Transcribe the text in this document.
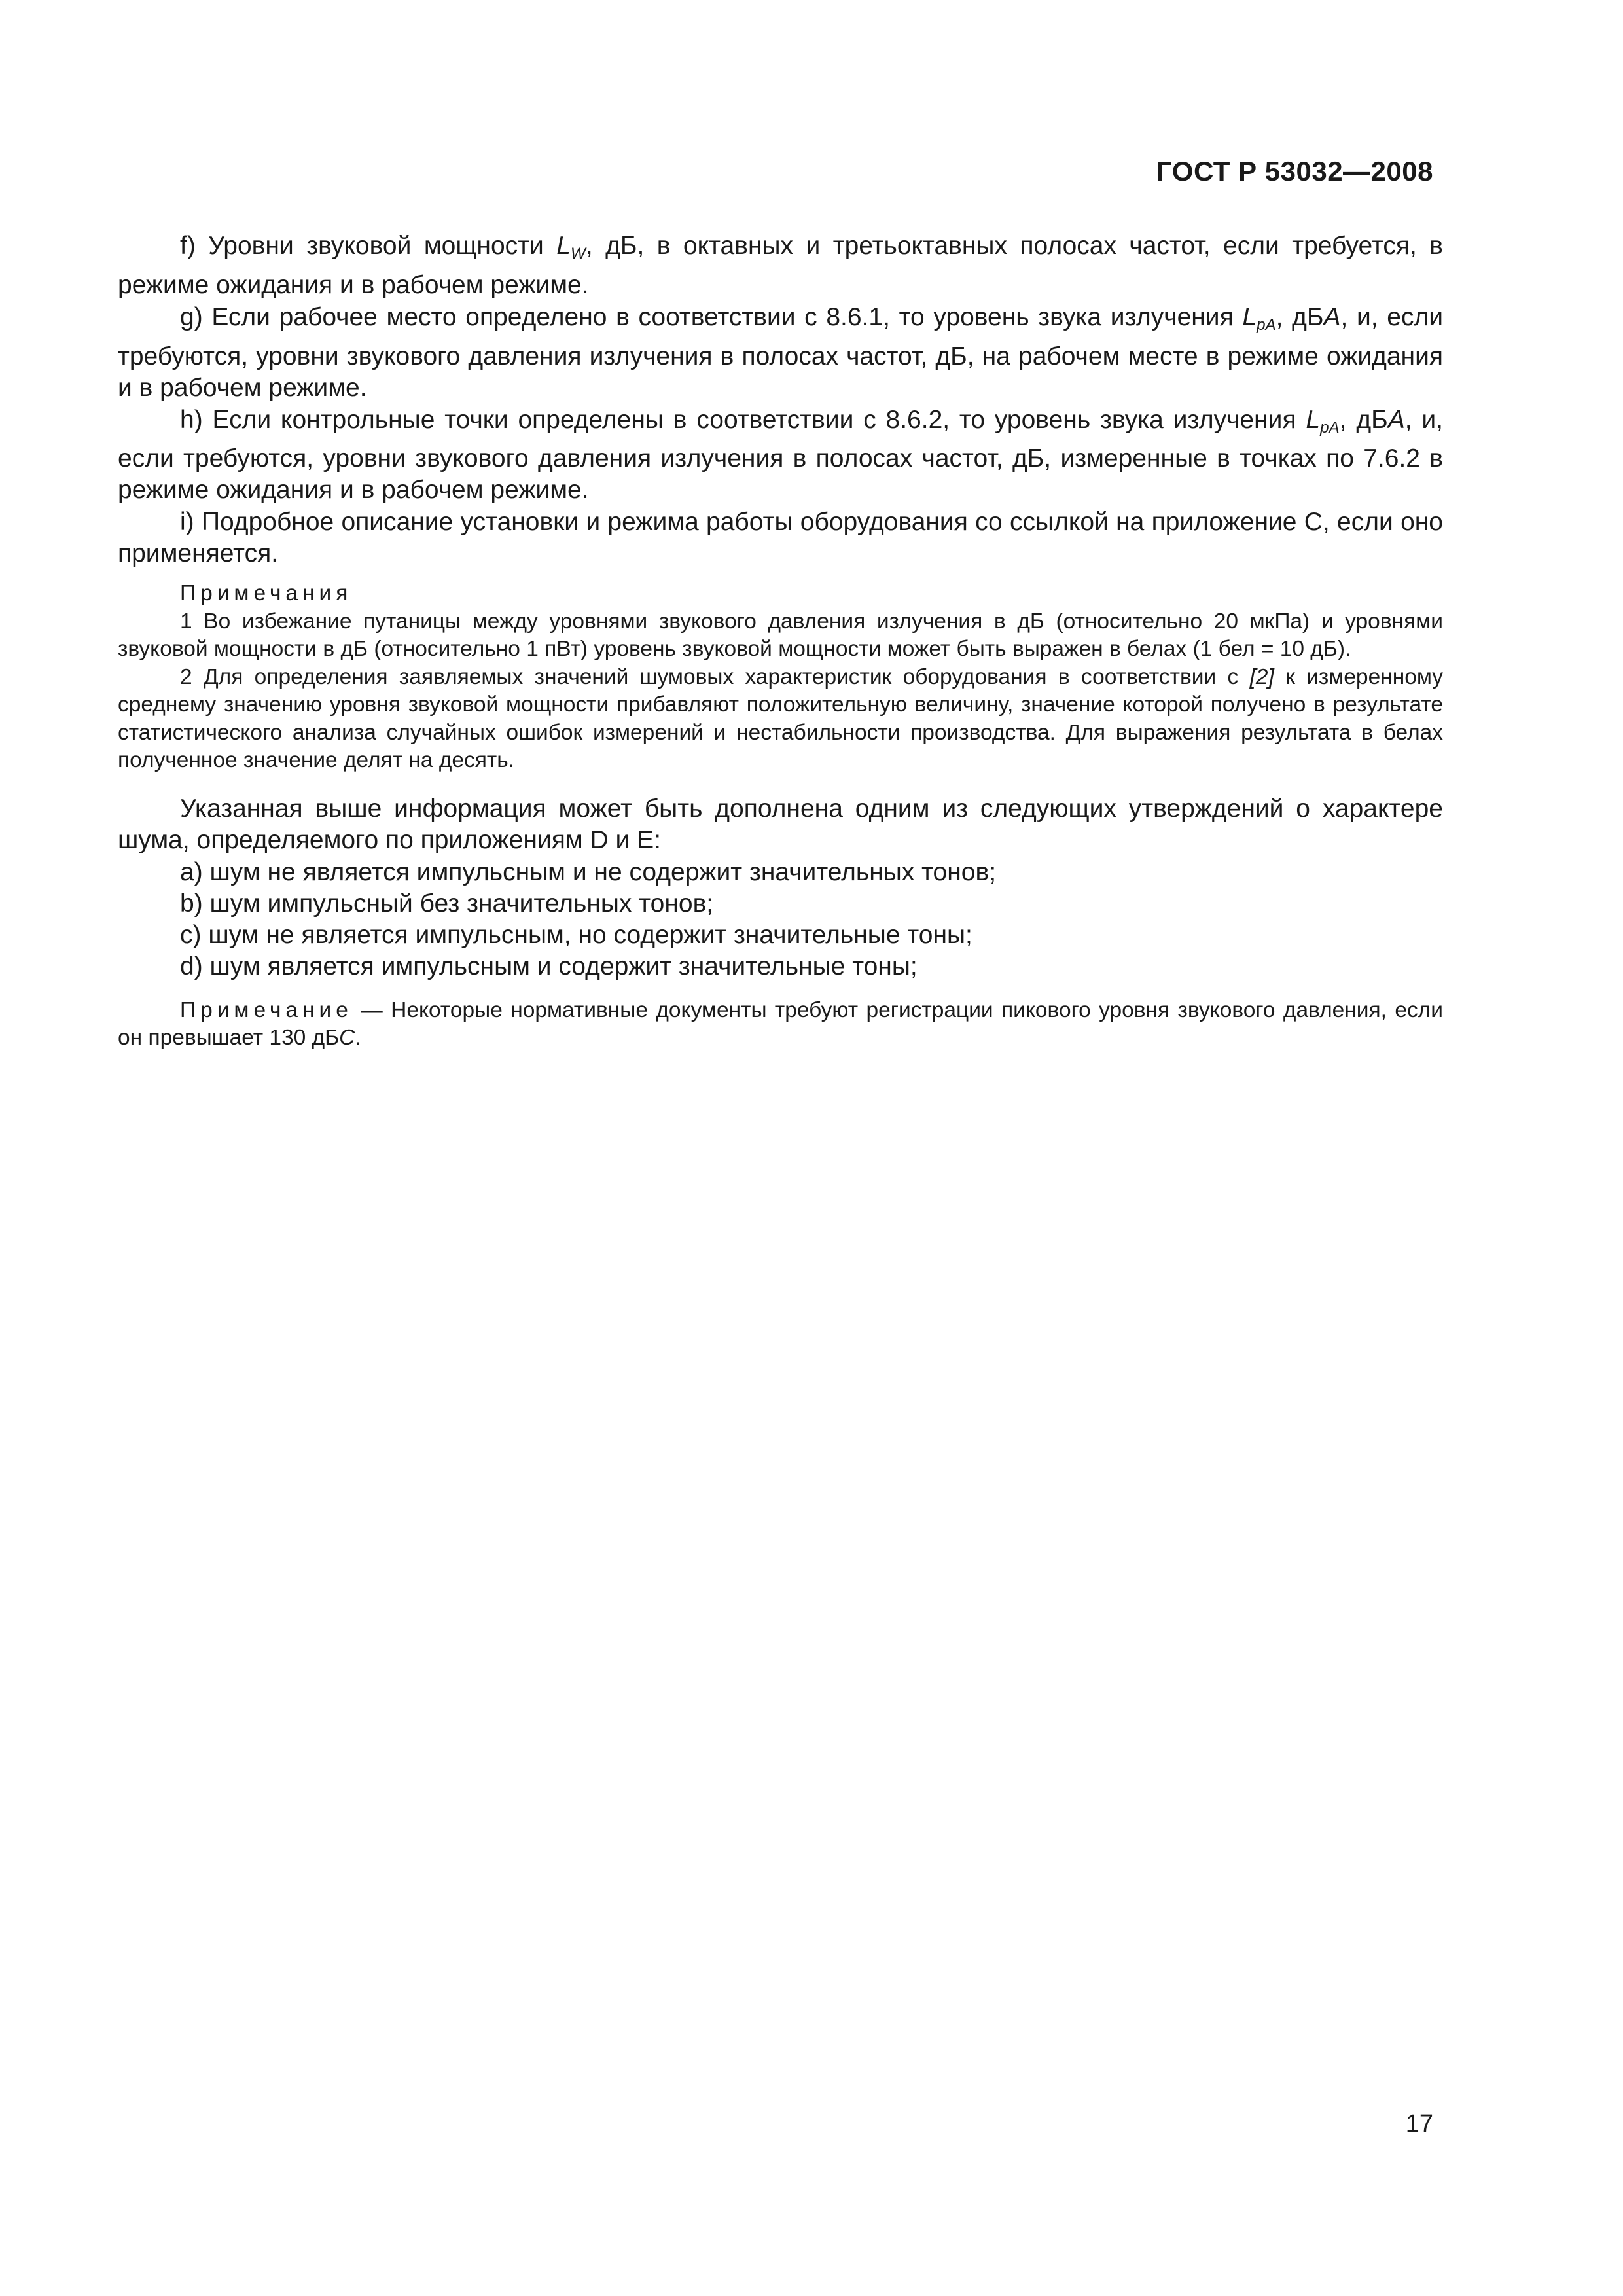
ГОСТ Р 53032—2008

f) Уровни звуковой мощности $L_W$, дБ, в октавных и третьоктавных полосах частот, если требуется, в режиме ожидания и в рабочем режиме.

g) Если рабочее место определено в соответствии с 8.6.1, то уровень звука излучения $L_{pA}$, дБА, и, если требуются, уровни звукового давления излучения в полосах частот, дБ, на рабочем месте в режиме ожидания и в рабочем режиме.

h) Если контрольные точки определены в соответствии с 8.6.2, то уровень звука излучения $L_{pA}$, дБА, и, если требуются, уровни звукового давления излучения в полосах частот, дБ, измеренные в точках по 7.6.2 в режиме ожидания и в рабочем режиме.

i) Подробное описание установки и режима работы оборудования со ссылкой на приложение С, если оно применяется.

Примечания

1 Во избежание путаницы между уровнями звукового давления излучения в дБ (относительно 20 мкПа) и уровнями звуковой мощности в дБ (относительно 1 пВт) уровень звуковой мощности может быть выражен в белах (1 бел = 10 дБ).

2 Для определения заявляемых значений шумовых характеристик оборудования в соответствии с [2] к измеренному среднему значению уровня звуковой мощности прибавляют положительную величину, значение которой получено в результате статистического анализа случайных ошибок измерений и нестабильности производства. Для выражения результата в белах полученное значение делят на десять.

Указанная выше информация может быть дополнена одним из следующих утверждений о характере шума, определяемого по приложениям D и Е:

a) шум не является импульсным и не содержит значительных тонов;

b) шум импульсный без значительных тонов;

c) шум не является импульсным, но содержит значительные тоны;

d) шум является импульсным и содержит значительные тоны;

Примечание — Некоторые нормативные документы требуют регистрации пикового уровня звукового давления, если он превышает 130 дБС.

17
